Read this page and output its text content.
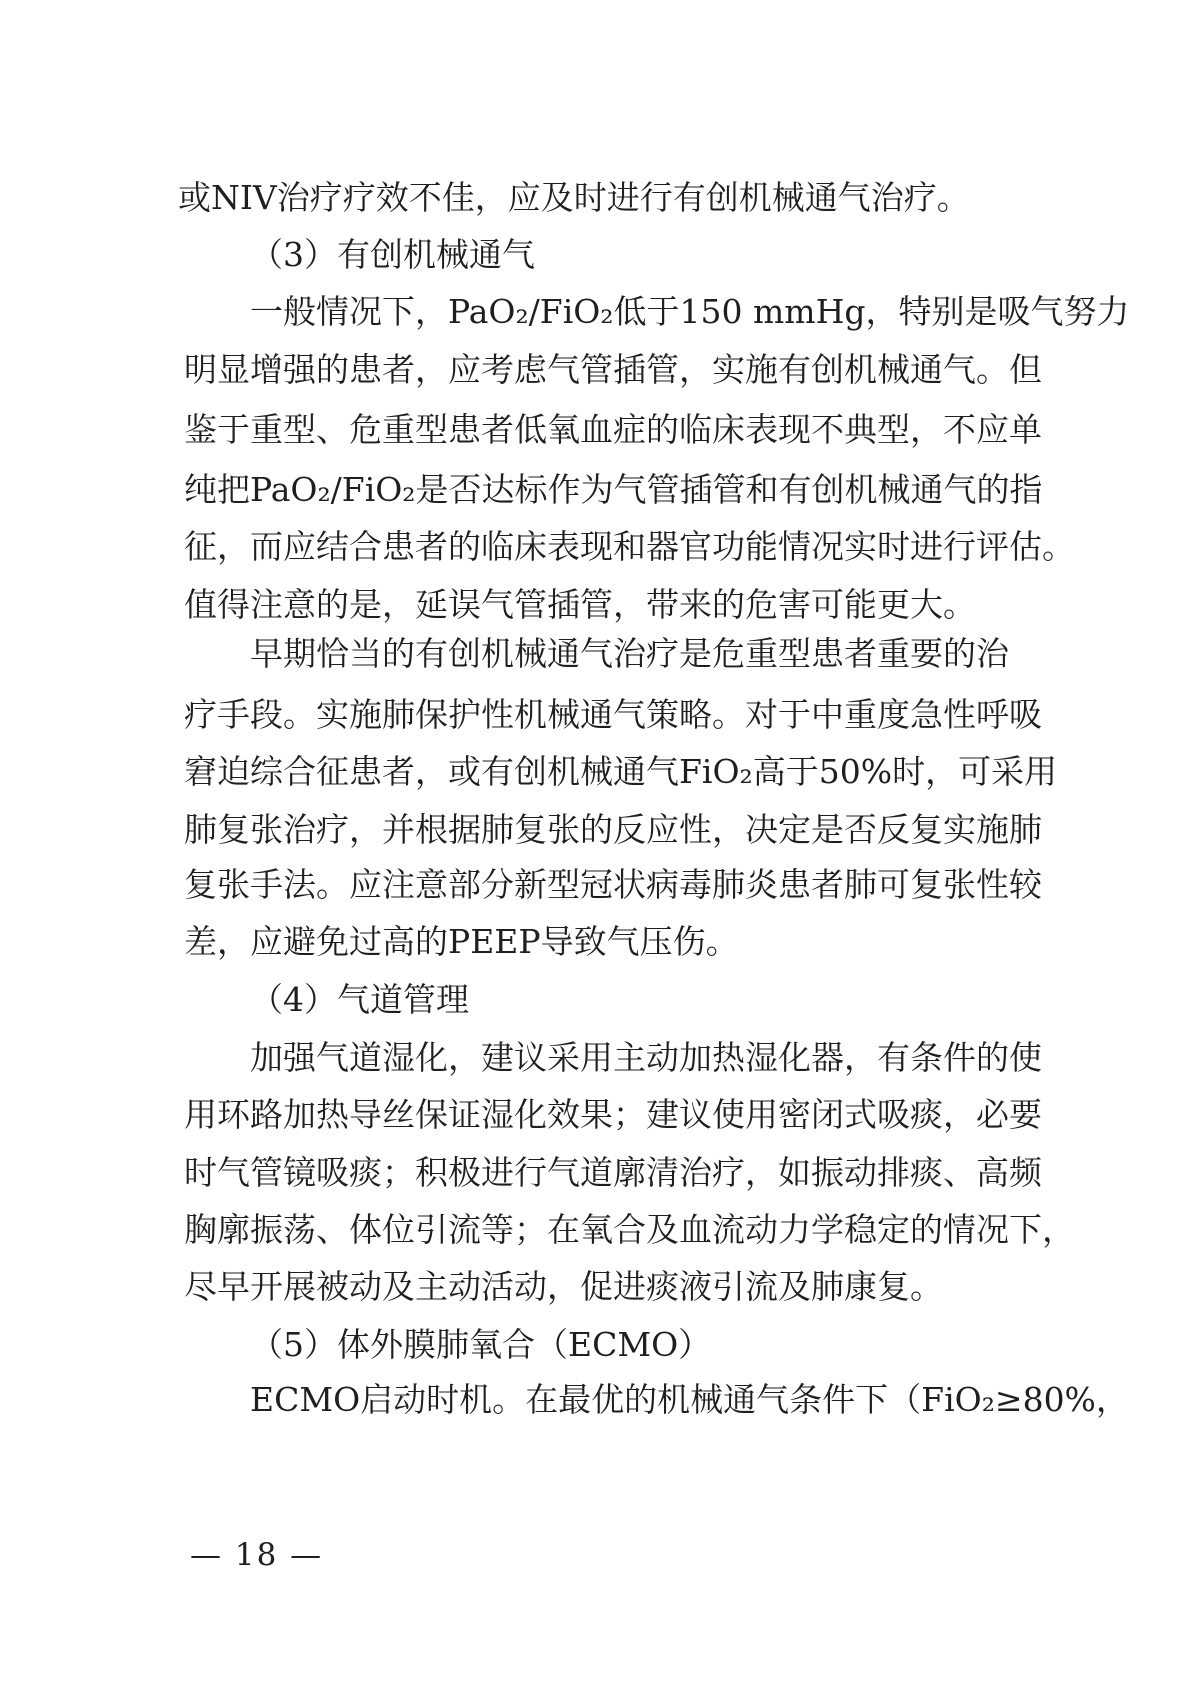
或NIV治疗疗效不佳，应及时进行有创机械通气治疗。
（3）有创机械通气
一般情况下，PaO₂/FiO₂低于150 mmHg，特别是吸气努力
明显增强的患者，应考虑气管插管，实施有创机械通气。但
鉴于重型、危重型患者低氧血症的临床表现不典型，不应单
纯把PaO₂/FiO₂是否达标作为气管插管和有创机械通气的指
征，而应结合患者的临床表现和器官功能情况实时进行评估。
值得注意的是，延误气管插管，带来的危害可能更大。
早期恰当的有创机械通气治疗是危重型患者重要的治
疗手段。实施肺保护性机械通气策略。对于中重度急性呼吸
窘迫综合征患者，或有创机械通气FiO₂高于50%时，可采用
肺复张治疗，并根据肺复张的反应性，决定是否反复实施肺
复张手法。应注意部分新型冠状病毒肺炎患者肺可复张性较
差，应避免过高的PEEP导致气压伤。
（4）气道管理
加强气道湿化，建议采用主动加热湿化器，有条件的使
用环路加热导丝保证湿化效果；建议使用密闭式吸痰，必要
时气管镜吸痰；积极进行气道廓清治疗，如振动排痰、高频
胸廓振荡、体位引流等；在氧合及血流动力学稳定的情况下，
尽早开展被动及主动活动，促进痰液引流及肺康复。
（5）体外膜肺氧合（ECMO）
ECMO启动时机。在最优的机械通气条件下（FiO₂≥80%，
— 18 —
